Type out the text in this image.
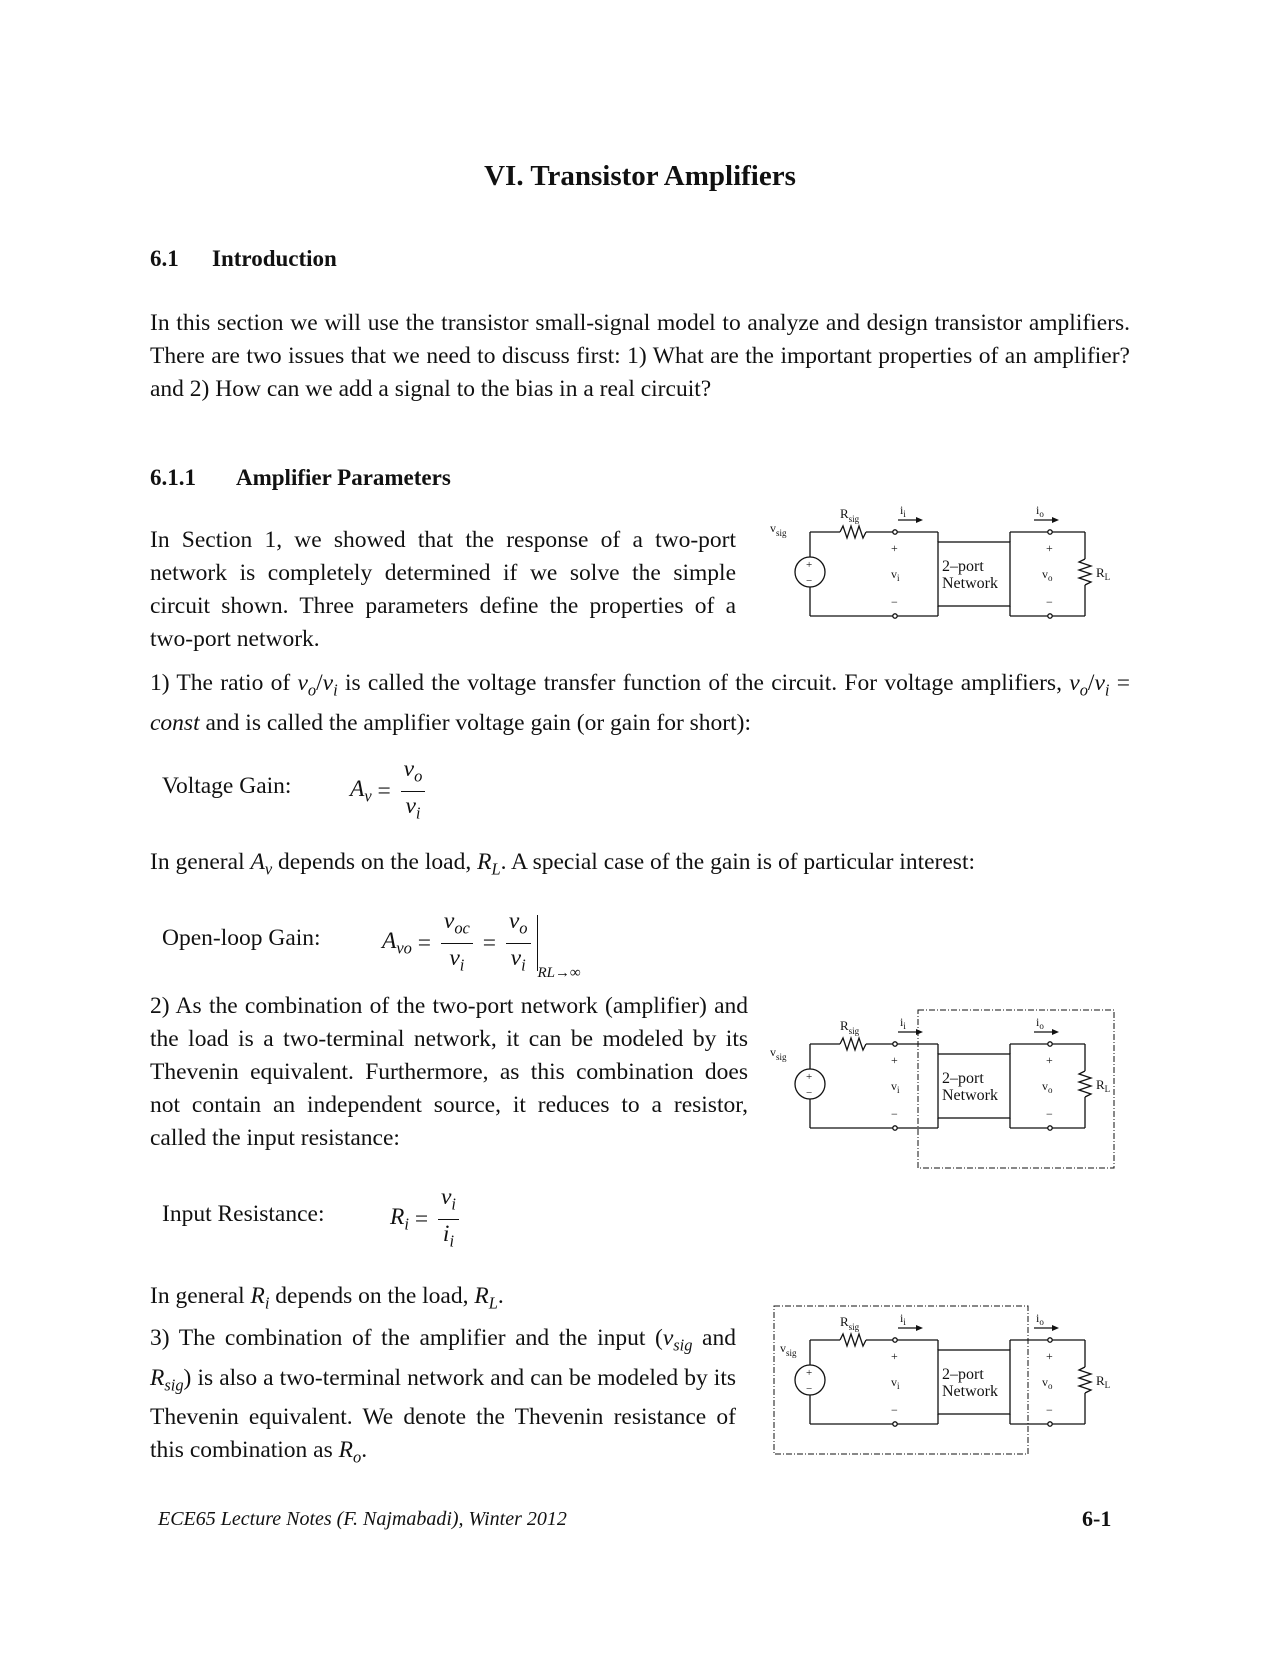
VI. Transistor Amplifiers
6.1 Introduction
In this section we will use the transistor small-signal model to analyze and design transistor amplifiers. There are two issues that we need to discuss first: 1) What are the important properties of an amplifier? and 2) How can we add a signal to the bias in a real circuit?
6.1.1 Amplifier Parameters
In Section 1, we showed that the response of a two-port network is completely determined if we solve the simple circuit shown. Three parameters define the properties of a two-port network.
+
−
$v_{sig}$
$R_{sig}$
$i_i$
+
$v_i$
−
2–port
Network
$i_o$
+
$v_o$
−
$R_L$
1) The ratio of $v_o/v_i$ is called the voltage transfer function of the circuit. For voltage amplifiers, $v_o/v_i$ = const and is called the amplifier voltage gain (or gain for short):
Voltage Gain: $A_v = \frac{v_o}{v_i}$
In general $A_v$ depends on the load, $R_L$. A special case of the gain is of particular interest:
Open-loop Gain:	$A_{vo} = \frac{v_{oc}}{v_i} = \frac{v_o}{v_i} RL\to\infty$
2) As the combination of the two-port network (amplifier) and the load is a two-terminal network, it can be modeled by its Thevenin equivalent. Furthermore, as this combination does not contain an independent source, it reduces to a resistor, called the input resistance:
+
−
$v_{sig}$
$R_{sig}$
$i_i$
+
$v_i$
−
2–port
Network
$i_o$
+
$v_o$
−
$R_L$
Input Resistance:	$R_i = \frac{v_i}{i_i}$
In general $R_i$ depends on the load, $R_L$.
3) The combination of the amplifier and the input ($v_{sig}$ and $R_{sig}$) is also a two-terminal network and can be modeled by its Thevenin equivalent. We denote the Thevenin resistance of this combination as $R_o$.
+
−
$v_{sig}$
$R_{sig}$
$i_i$
+
$v_i$
−
2–port
Network
$i_o$
+
$v_o$
−
$R_L$
ECE65 Lecture Notes (F. Najmabadi), Winter 2012	6-1
